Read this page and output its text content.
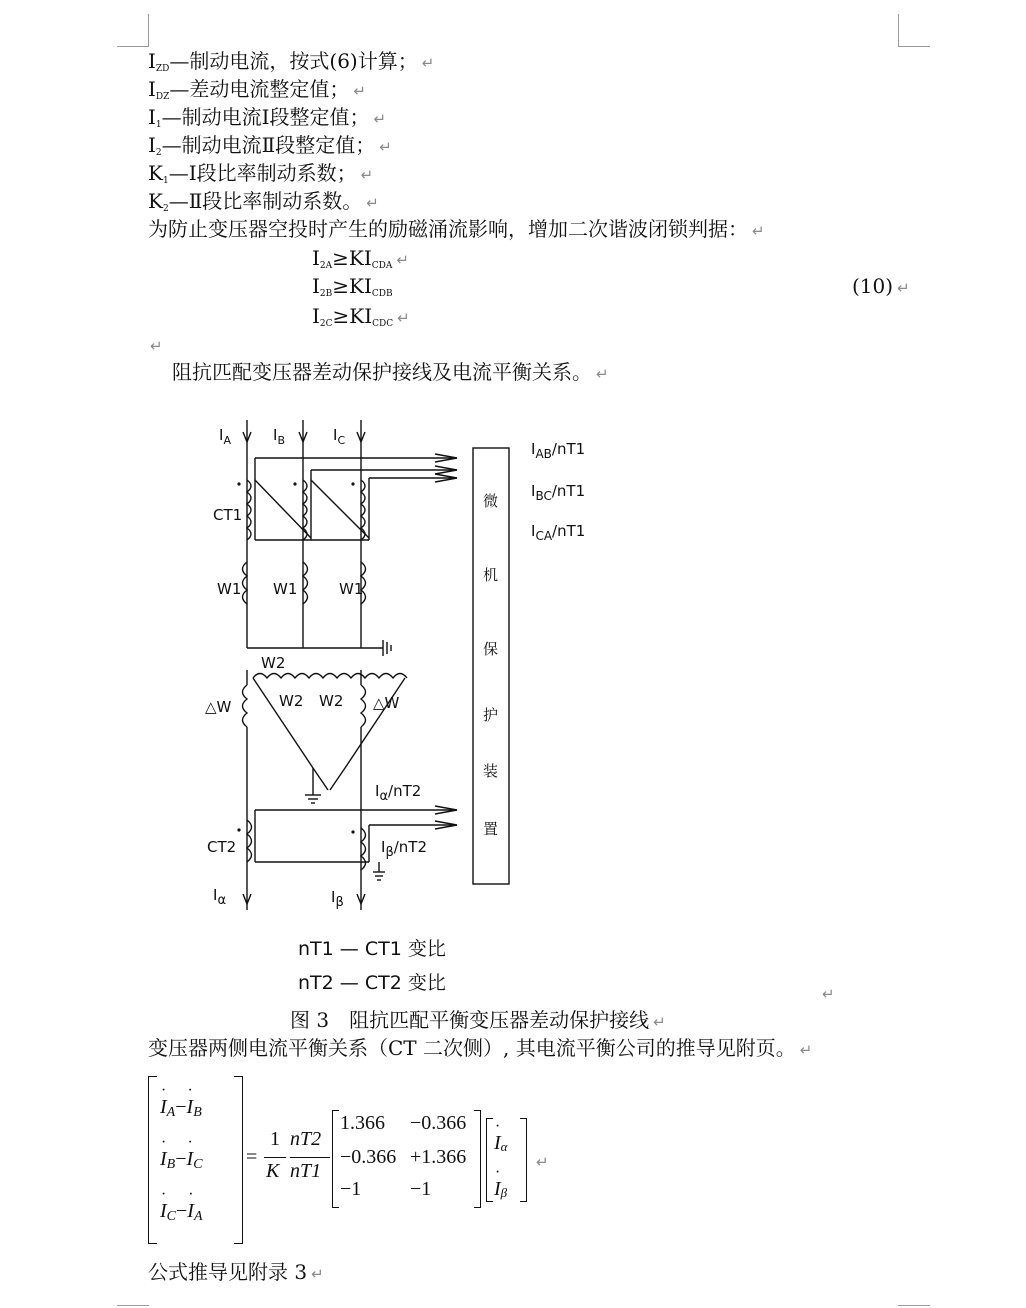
$I_{ZD}—$制动电流，按式(6)计算； ↵
$I_{DZ}—$差动电流整定值； ↵
$I_1—$制动电流Ⅰ段整定值； ↵
$I_2—$制动电流Ⅱ段整定值； ↵
$K_1—Ⅰ$段比率制动系数； ↵
$K_2—Ⅱ$段比率制动系数。 ↵
为防止变压器空投时产生的励磁涌流影响，增加二次谐波闭锁判据： ↵
$I_{2A}\ge KI_{CDA}$ ↵
$I_{2B}\ge KI_{CDB}$	(10) ↵
$I_{2C}\ge KI_{CDC}$ ↵
↵
阻抗匹配变压器差动保护接线及电流平衡关系。 ↵
$I_A$	$I_B$	$I_C$
CT1
W1 W1	W1
W2
W2 W2
△W	△W
CT2
$I_{AB}/nT1$
$I_{BC}/nT1$
$I_{CA}/nT1$
Iα/nT2
Iβ/nT2
Iα	Iβ
微
机
保
护
装
置
nT1 — CT1 变比
nT2 — CT2 变比	↵
图 3　阻抗匹配平衡变压器差动保护接线 ↵
变压器两侧电流平衡关系（CT 二次侧）, 其电流平衡公司的推导见附页。 ↵
· IA−· IB
· IB−· IC
· IC−· IA
=
1
K
nT2
nT1
1.366 −0.366
−0.366 +1.366
−1 −1
· Iα
· Iβ
↵
公式推导见附录 3 ↵
